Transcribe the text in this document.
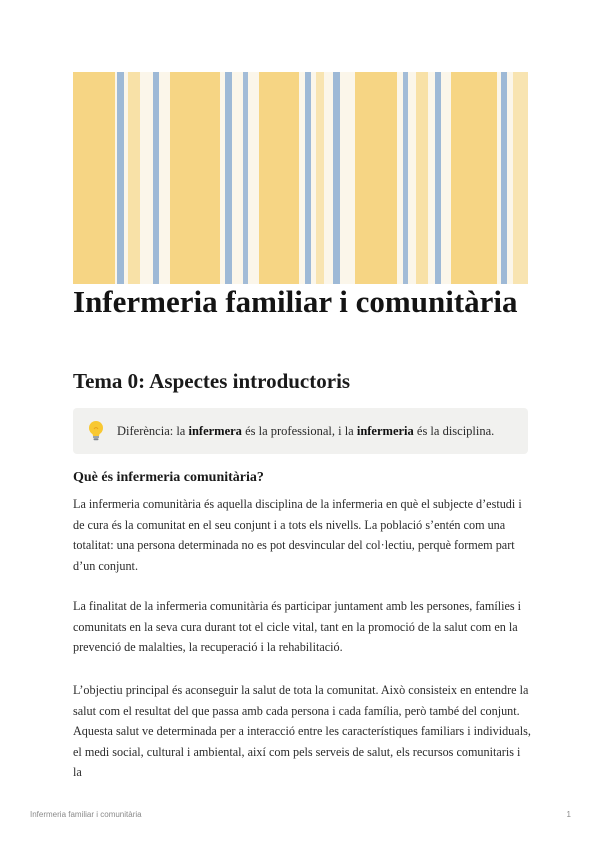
Infermeria familiar i comunitària
Tema 0: Aspectes introductoris
Diferència: la infermera és la professional, i la infermeria és la disciplina.
Què és infermeria comunitària?

La infermeria comunitària és aquella disciplina de la infermeria en què el subjecte d’estudi i de cura és la comunitat en el seu conjunt i a tots els nivells. La població s’entén com una totalitat: una persona determinada no es pot desvincular del col·lectiu, perquè formem part d’un conjunt.

La finalitat de la infermeria comunitària és participar juntament amb les persones, famílies i comunitats en la seva cura durant tot el cicle vital, tant en la promoció de la salut com en la prevenció de malalties, la recuperació i la rehabilitació.

L’objectiu principal és aconseguir la salut de tota la comunitat. Això consisteix en entendre la salut com el resultat del que passa amb cada persona i cada família, però també del conjunt.

Aquesta salut ve determinada per a interacció entre les característiques familiars i individuals, el medi social, cultural i ambiental, així com pels serveis de salut, els recursos comunitaris i la

Infermeria familiar i comunitària	1
